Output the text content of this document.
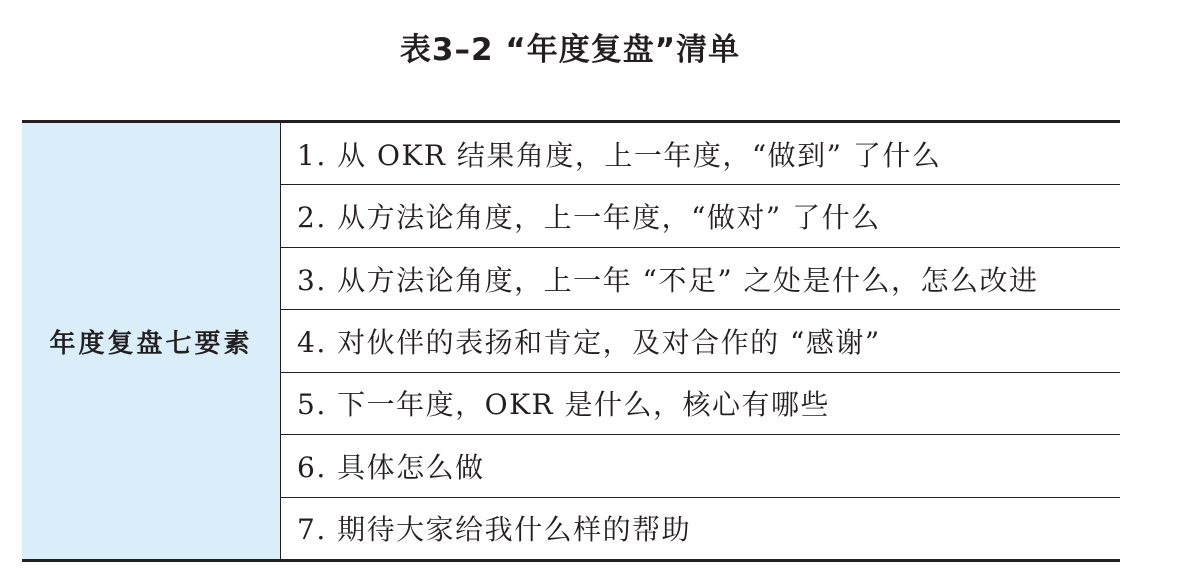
表3–2 “年度复盘”清单
年度复盘七要素
1. 从 OKR 结果角度，上一年度，“做到” 了什么
2. 从方法论角度，上一年度，“做对” 了什么
3. 从方法论角度，上一年 “不足” 之处是什么，怎么改进
4. 对伙伴的表扬和肯定，及对合作的 “感谢”
5. 下一年度，OKR 是什么，核心有哪些
6. 具体怎么做
7. 期待大家给我什么样的帮助
